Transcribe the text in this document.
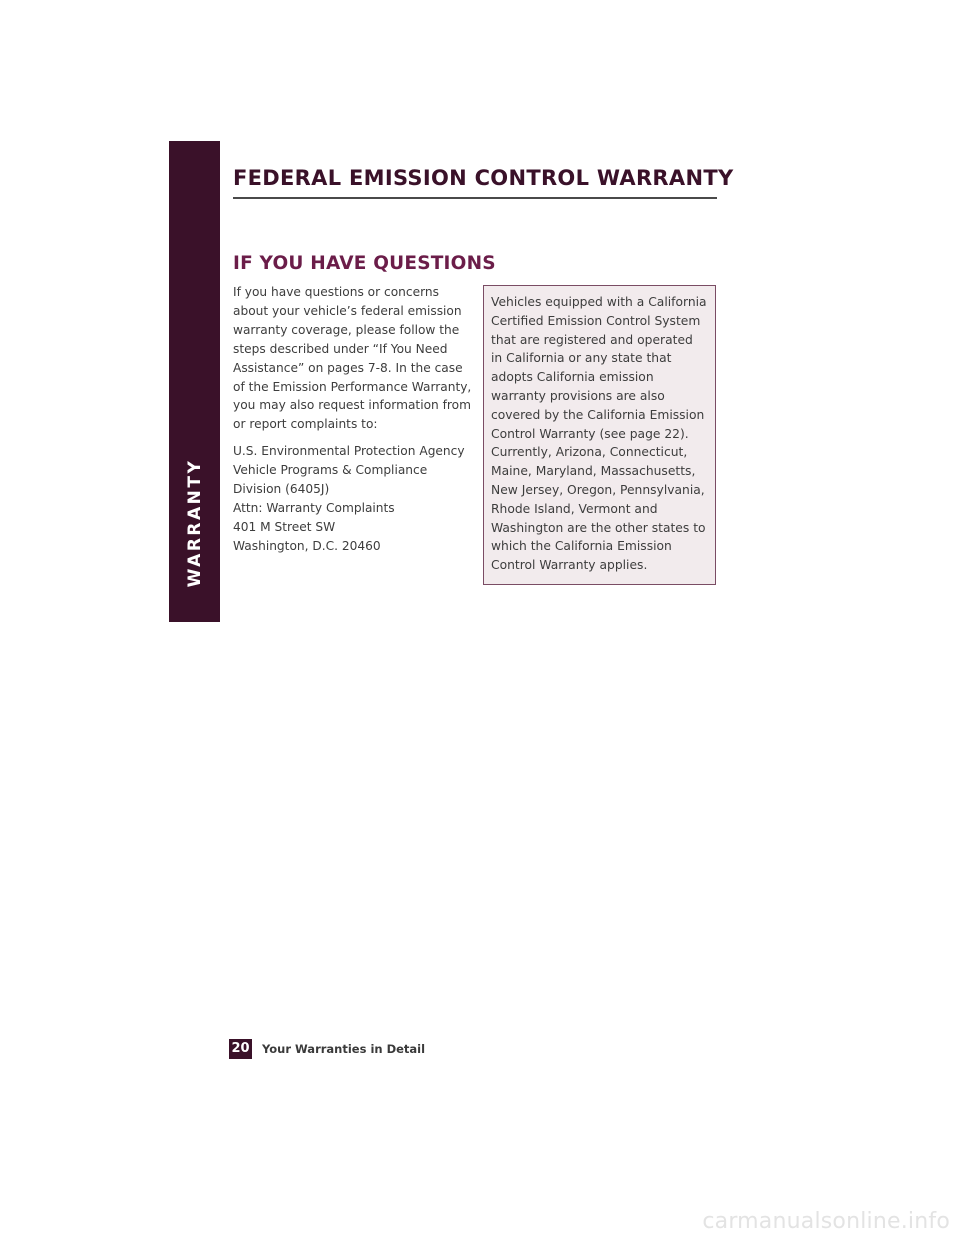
WARRANTY
FEDERAL EMISSION CONTROL WARRANTY
IF YOU HAVE QUESTIONS

If you have questions or concerns about your vehicle’s federal emission warranty coverage, please follow the steps described under “If You Need Assistance” on pages 7-8. In the case of the Emission Performance Warranty, you may also request information from or report complaints to:

U.S. Environmental Protection Agency
Vehicle Programs & Compliance
Division (6405J)
Attn: Warranty Complaints
401 M Street SW
Washington, D.C. 20460

Vehicles equipped with a California Certified Emission Control System that are registered and operated in California or any state that adopts California emission warranty provisions are also covered by the California Emission Control Warranty (see page 22). Currently, Arizona, Connecticut, Maine, Maryland, Massachusetts, New Jersey, Oregon, Pennsylvania, Rhode Island, Vermont and Washington are the other states to which the California Emission Control Warranty applies.

20 Your Warranties in Detail
carmanualsonline.info
